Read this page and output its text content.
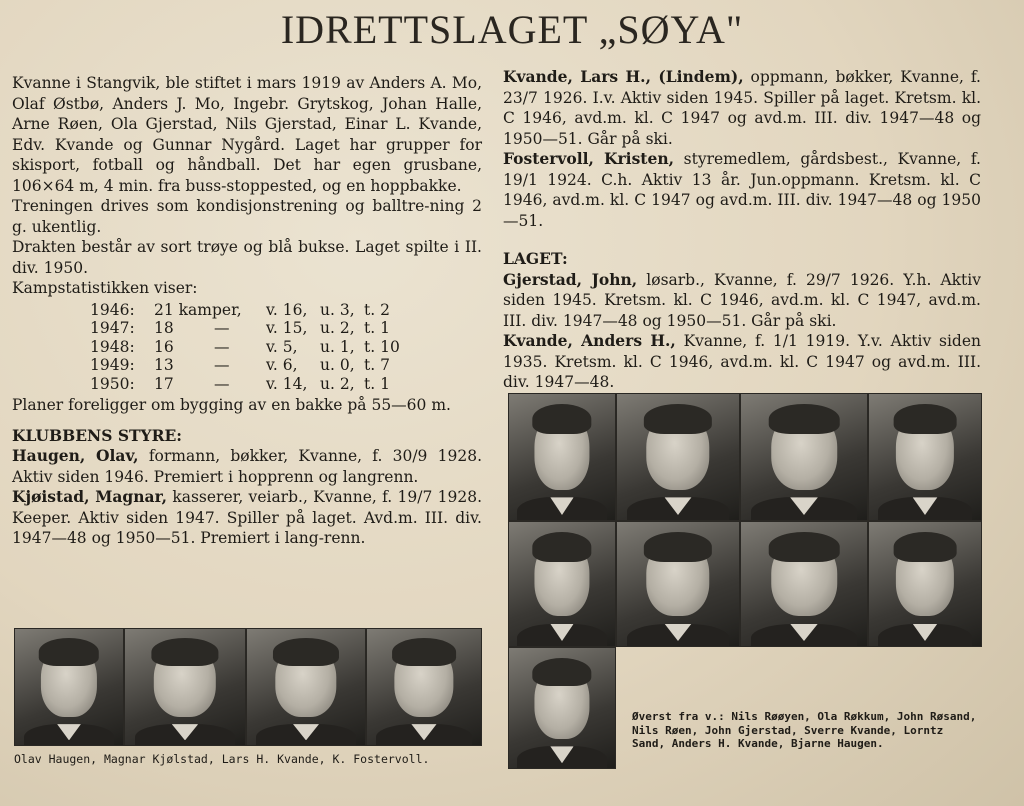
IDRETTSLAGET „SØYA"

Kvanne i Stangvik, ble stiftet i mars 1919 av Anders A. Mo, Olaf Østbø, Anders J. Mo, Ingebr. Grytskog, Johan Halle, Arne Røen, Ola Gjerstad, Nils Gjerstad, Einar L. Kvande, Edv. Kvande og Gunnar Nygård. Laget har grupper for skisport, fotball og håndball. Det har egen grusbane, 106×64 m, 4 min. fra buss-stoppested, og en hoppbakke.

Treningen drives som kondisjonstrening og balltre-ning 2 g. ukentlig.

Drakten består av sort trøye og blå bukse. Laget spilte i II. div. 1950.

Kampstatistikken viser:

1946:	21 kamper,		v. 16,	u. 3,	t. 2
1947:	18	—	v. 15,	u. 2,	t. 1
1948:	16	—	v. 5,	u. 1,	t. 10
1949:	13	—	v. 6,	u. 0,	t. 7
1950:	17	—	v. 14,	u. 2,	t. 1

Planer foreligger om bygging av en bakke på 55—60 m.

KLUBBENS STYRE:

Haugen, Olav, formann, bøkker, Kvanne, f. 30/9 1928. Aktiv siden 1946. Premiert i hopprenn og langrenn.

Kjøistad, Magnar, kasserer, veiarb., Kvanne, f. 19/7 1928. Keeper. Aktiv siden 1947. Spiller på laget. Avd.m. III. div. 1947—48 og 1950—51. Premiert i lang-renn.

Kvande, Lars H., (Lindem), oppmann, bøkker, Kvanne, f. 23/7 1926. I.v. Aktiv siden 1945. Spiller på laget. Kretsm. kl. C 1946, avd.m. kl. C 1947 og avd.m. III. div. 1947—48 og 1950—51. Går på ski.

Fostervoll, Kristen, styremedlem, gårdsbest., Kvanne, f. 19/1 1924. C.h. Aktiv 13 år. Jun.oppmann. Kretsm. kl. C 1946, avd.m. kl. C 1947 og avd.m. III. div. 1947—48 og 1950—51.

LAGET:

Gjerstad, John, løsarb., Kvanne, f. 29/7 1926. Y.h. Aktiv siden 1945. Kretsm. kl. C 1946, avd.m. kl. C 1947, avd.m. III. div. 1947—48 og 1950—51. Går på ski.

Kvande, Anders H., Kvanne, f. 1/1 1919. Y.v. Aktiv siden 1935. Kretsm. kl. C 1946, avd.m. kl. C 1947 og avd.m. III. div. 1947—48.

Olav Haugen, Magnar Kjølstad, Lars H. Kvande, K. Fostervoll.
Øverst fra v.: Nils Røøyen, Ola Røkkum, John Røsand, Nils Røen, John Gjerstad, Sverre Kvande, Lorntz Sand, Anders H. Kvande, Bjarne Haugen.
